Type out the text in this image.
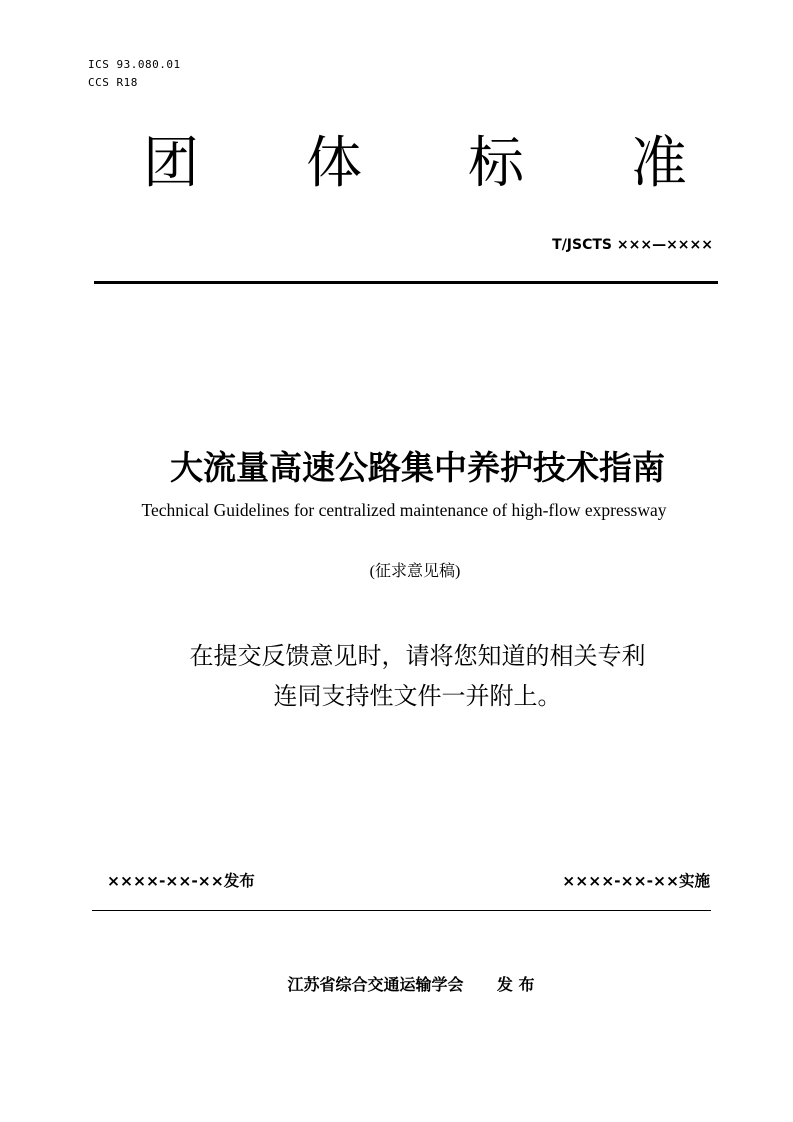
ICS 93.080.01
CCS R18
团 体 标 准
T/JSCTS ×××—××××
大流量高速公路集中养护技术指南
Technical Guidelines for centralized maintenance of high-flow expressway
(征求意见稿)
在提交反馈意见时，请将您知道的相关专利
连同支持性文件一并附上。
××××-××-××发布	××××-××-××实施
江苏省综合交通运输学会 发 布
